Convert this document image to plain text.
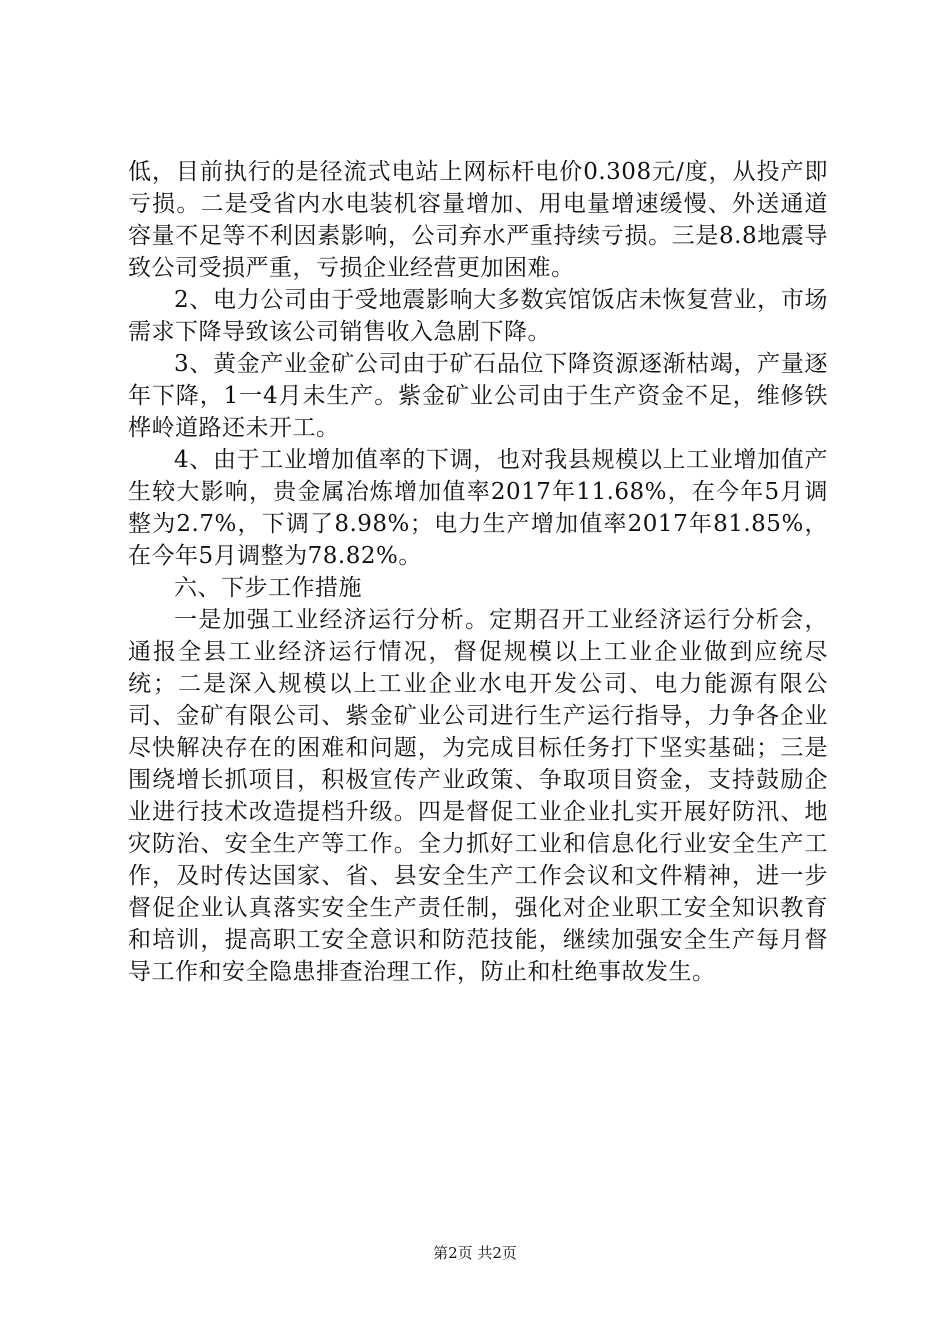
低，目前执行的是径流式电站上网标杆电价0.308元/度，从投产即亏损。二是受省内水电装机容量增加、用电量增速缓慢、外送通道容量不足等不利因素影响，公司弃水严重持续亏损。三是8.8地震导致公司受损严重，亏损企业经营更加困难。

2、电力公司由于受地震影响大多数宾馆饭店未恢复营业，市场需求下降导致该公司销售收入急剧下降。

3、黄金产业金矿公司由于矿石品位下降资源逐渐枯竭，产量逐年下降，1一4月未生产。紫金矿业公司由于生产资金不足，维修铁桦岭道路还未开工。

4、由于工业增加值率的下调，也对我县规模以上工业增加值产生较大影响，贵金属冶炼增加值率2017年11.68%，在今年5月调整为2.7%，下调了8.98%；电力生产增加值率2017年81.85%，在今年5月调整为78.82%。

六、下步工作措施

一是加强工业经济运行分析。定期召开工业经济运行分析会，通报全县工业经济运行情况，督促规模以上工业企业做到应统尽统；二是深入规模以上工业企业水电开发公司、电力能源有限公司、金矿有限公司、紫金矿业公司进行生产运行指导，力争各企业尽快解决存在的困难和问题，为完成目标任务打下坚实基础；三是围绕增长抓项目，积极宣传产业政策、争取项目资金，支持鼓励企业进行技术改造提档升级。四是督促工业企业扎实开展好防汛、地灾防治、安全生产等工作。全力抓好工业和信息化行业安全生产工作，及时传达国家、省、县安全生产工作会议和文件精神，进一步督促企业认真落实安全生产责任制，强化对企业职工安全知识教育和培训，提高职工安全意识和防范技能，继续加强安全生产每月督导工作和安全隐患排查治理工作，防止和杜绝事故发生。

第2页 共2页
